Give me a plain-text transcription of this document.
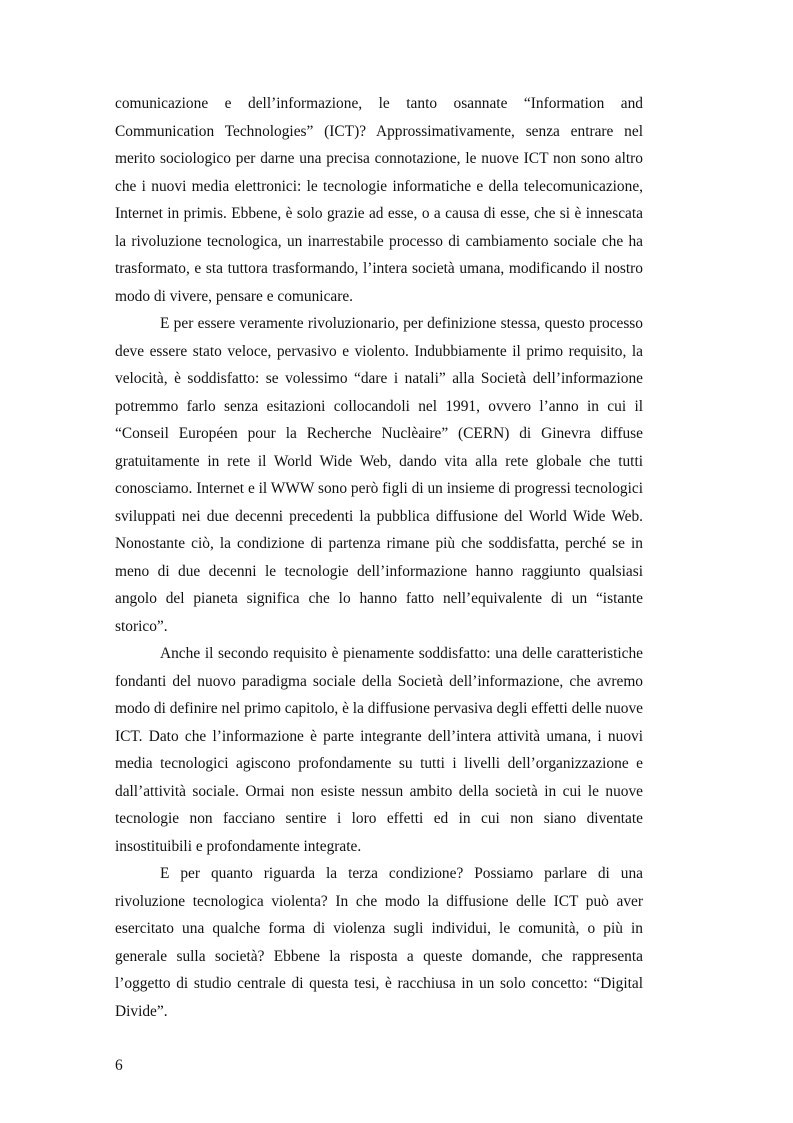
comunicazione e dell’informazione, le tanto osannate “Information and Communication Technologies” (ICT)? Approssimativamente, senza entrare nel merito sociologico per darne una precisa connotazione, le nuove ICT non sono altro che i nuovi media elettronici: le tecnologie informatiche e della telecomunicazione, Internet in primis. Ebbene, è solo grazie ad esse, o a causa di esse, che si è innescata la rivoluzione tecnologica, un inarrestabile processo di cambiamento sociale che ha trasformato, e sta tuttora trasformando, l’intera società umana, modificando il nostro modo di vivere, pensare e comunicare.

E per essere veramente rivoluzionario, per definizione stessa, questo processo deve essere stato veloce, pervasivo e violento. Indubbiamente il primo requisito, la velocità, è soddisfatto: se volessimo “dare i natali” alla Società dell’informazione potremmo farlo senza esitazioni collocandoli nel 1991, ovvero l’anno in cui il “Conseil Européen pour la Recherche Nuclèaire” (CERN) di Ginevra diffuse gratuitamente in rete il World Wide Web, dando vita alla rete globale che tutti conosciamo. Internet e il WWW sono però figli di un insieme di progressi tecnologici sviluppati nei due decenni precedenti la pubblica diffusione del World Wide Web. Nonostante ciò, la condizione di partenza rimane più che soddisfatta, perché se in meno di due decenni le tecnologie dell’informazione hanno raggiunto qualsiasi angolo del pianeta significa che lo hanno fatto nell’equivalente di un “istante storico”.

Anche il secondo requisito è pienamente soddisfatto: una delle caratteristiche fondanti del nuovo paradigma sociale della Società dell’informazione, che avremo modo di definire nel primo capitolo, è la diffusione pervasiva degli effetti delle nuove ICT. Dato che l’informazione è parte integrante dell’intera attività umana, i nuovi media tecnologici agiscono profondamente su tutti i livelli dell’organizzazione e dall’attività sociale. Ormai non esiste nessun ambito della società in cui le nuove tecnologie non facciano sentire i loro effetti ed in cui non siano diventate insostituibili e profondamente integrate.

E per quanto riguarda la terza condizione? Possiamo parlare di una rivoluzione tecnologica violenta? In che modo la diffusione delle ICT può aver esercitato una qualche forma di violenza sugli individui, le comunità, o più in generale sulla società? Ebbene la risposta a queste domande, che rappresenta l’oggetto di studio centrale di questa tesi, è racchiusa in un solo concetto: “Digital Divide”.

6
